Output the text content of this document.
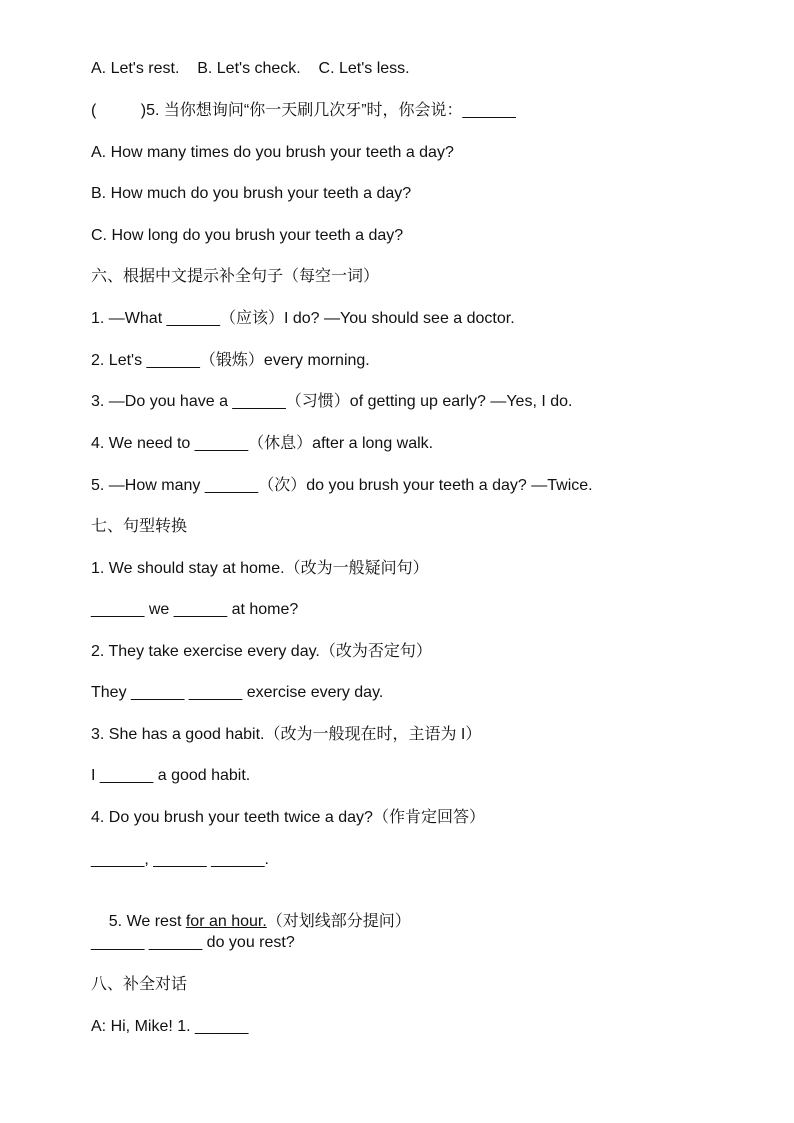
A. Let's rest.    B. Let's check.    C. Let's less.
(          )5. 当你想询问“你一天刷几次牙”时，你会说：______
A. How many times do you brush your teeth a day?
B. How much do you brush your teeth a day?
C. How long do you brush your teeth a day?
六、根据中文提示补全句子（每空一词）
1. —What ______（应该）I do? —You should see a doctor.
2. Let's ______（锻炼）every morning.
3. —Do you have a ______（习惯）of getting up early? —Yes, I do.
4. We need to ______（休息）after a long walk.
5. —How many ______（次）do you brush your teeth a day? —Twice.
七、句型转换
1. We should stay at home.（改为一般疑问句）
______ we ______ at home?
2. They take exercise every day.（改为否定句）
They ______ ______ exercise every day.
3. She has a good habit.（改为一般现在时，主语为 I）
I ______ a good habit.
4. Do you brush your teeth twice a day?（作肯定回答）
______, ______ ______.

5. We rest for an hour.（对划线部分提问）

______ ______ do you rest?
八、补全对话
A: Hi, Mike! 1. ______
